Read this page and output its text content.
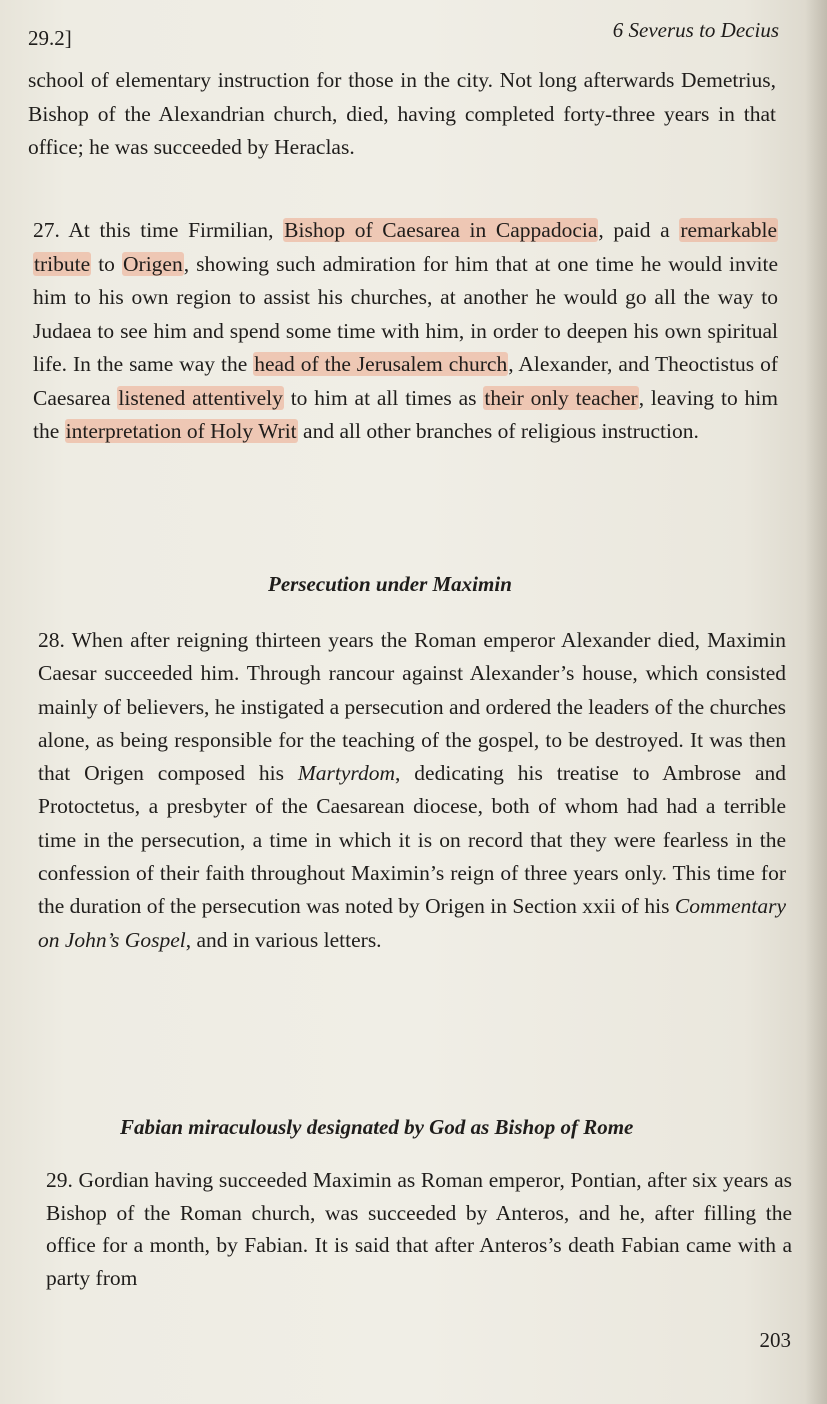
29.2]	6 Severus to Decius

school of elementary instruction for those in the city. Not long afterwards Demetrius, Bishop of the Alexandrian church, died, having completed forty-three years in that office; he was succeeded by Heraclas.

27. At this time Firmilian, Bishop of Caesarea in Cappadocia, paid a remarkable tribute to Origen, showing such admiration for him that at one time he would invite him to his own region to assist his churches, at another he would go all the way to Judaea to see him and spend some time with him, in order to deepen his own spiritual life. In the same way the head of the Jerusalem church, Alexander, and Theoctistus of Caesarea listened attentively to him at all times as their only teacher, leaving to him the interpretation of Holy Writ and all other branches of religious instruction.

Persecution under Maximin

28. When after reigning thirteen years the Roman emperor Alexander died, Maximin Caesar succeeded him. Through rancour against Alexander’s house, which consisted mainly of believers, he instigated a persecution and ordered the leaders of the churches alone, as being responsible for the teaching of the gospel, to be destroyed. It was then that Origen composed his Martyrdom, dedicating his treatise to Ambrose and Protoctetus, a presbyter of the Caesarean diocese, both of whom had had a terrible time in the persecution, a time in which it is on record that they were fearless in the confession of their faith throughout Maximin’s reign of three years only. This time for the duration of the persecution was noted by Origen in Section xxii of his Commentary on John’s Gospel, and in various letters.

Fabian miraculously designated by God as Bishop of Rome

29. Gordian having succeeded Maximin as Roman emperor, Pontian, after six years as Bishop of the Roman church, was succeeded by Anteros, and he, after filling the office for a month, by Fabian. It is said that after Anteros’s death Fabian came with a party from

203
